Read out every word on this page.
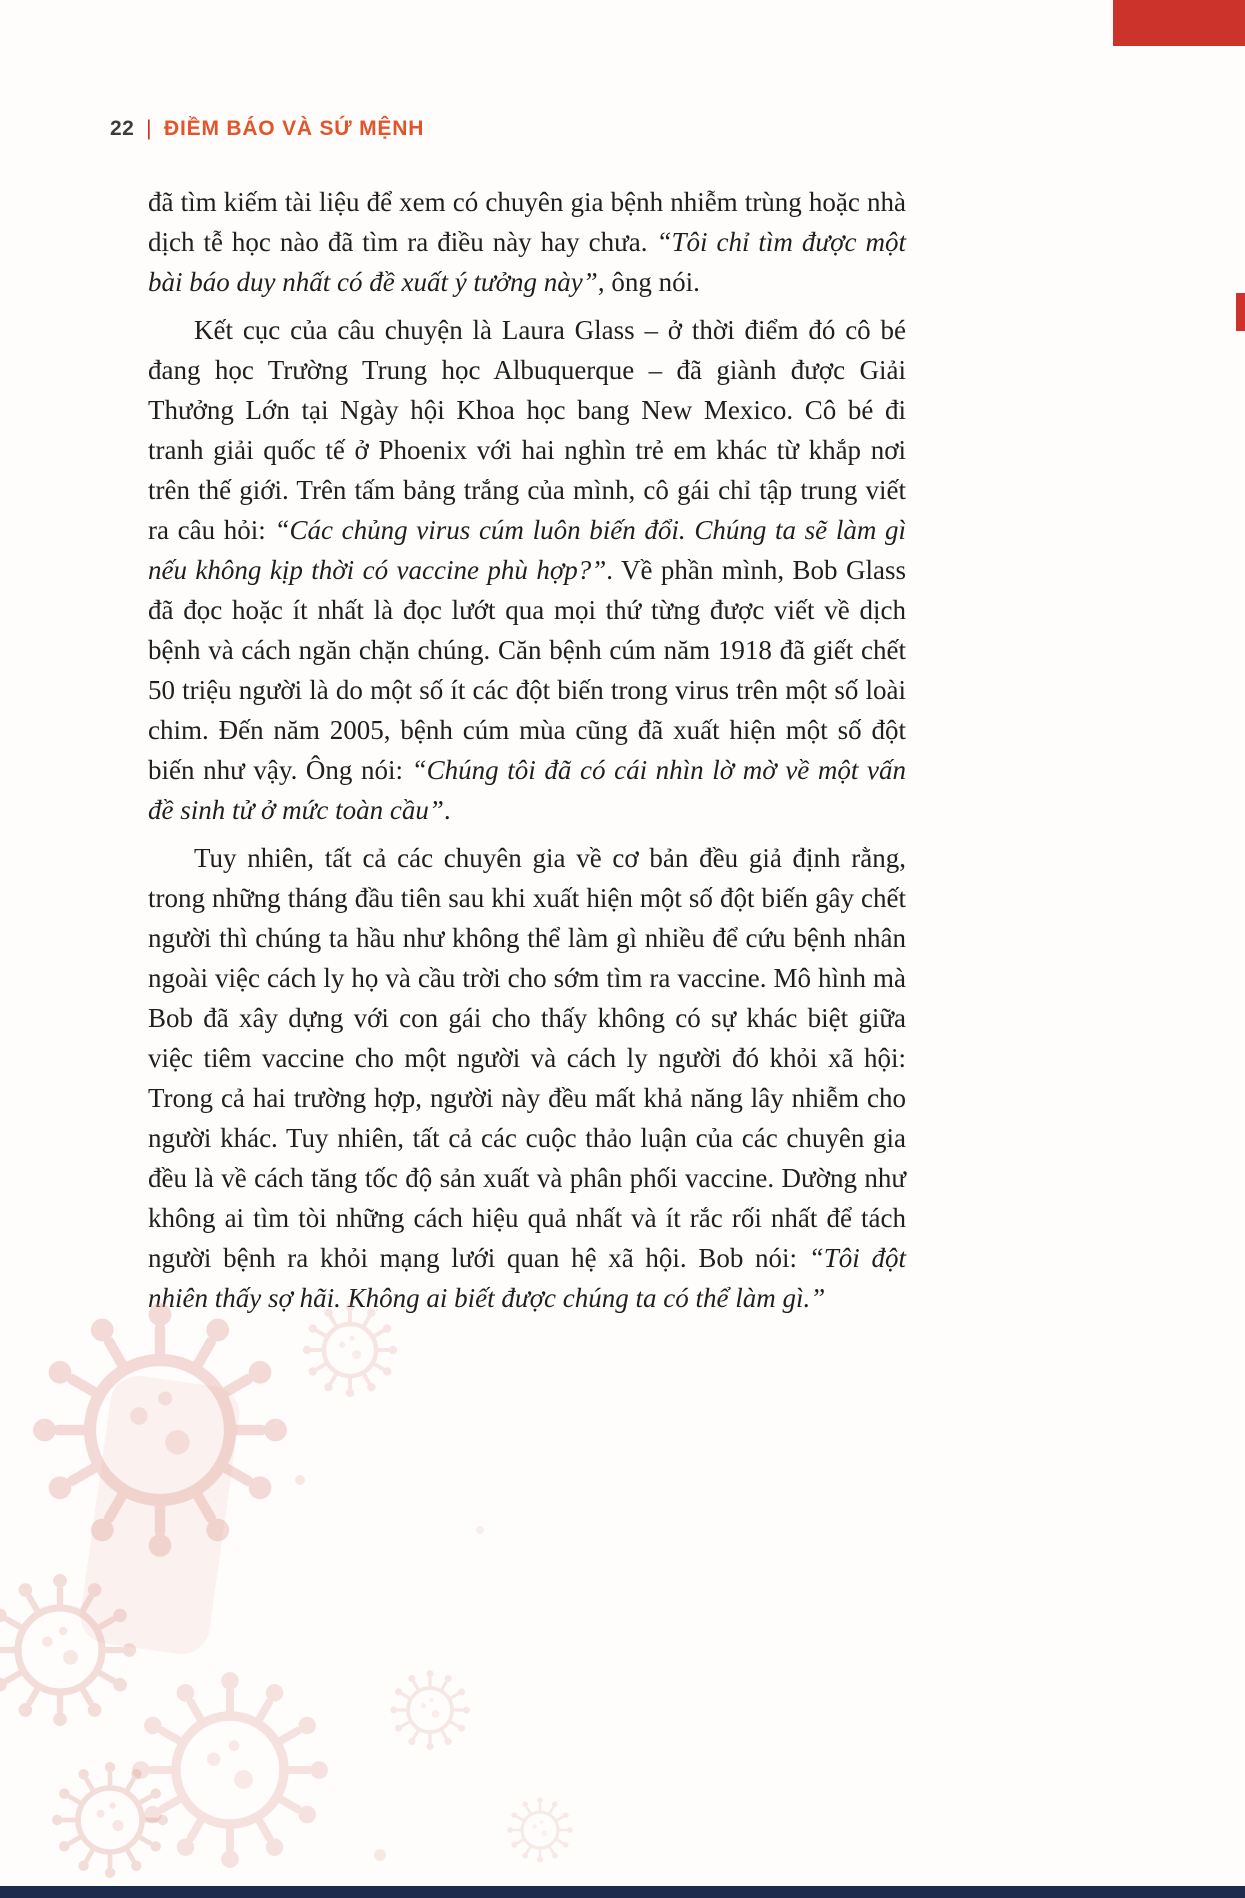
22 | ĐIỀM BÁO VÀ SỨ MỆNH

đã tìm kiếm tài liệu để xem có chuyên gia bệnh nhiễm trùng hoặc nhà dịch tễ học nào đã tìm ra điều này hay chưa. “Tôi chỉ tìm được một bài báo duy nhất có đề xuất ý tưởng này”, ông nói.

Kết cục của câu chuyện là Laura Glass – ở thời điểm đó cô bé đang học Trường Trung học Albuquerque – đã giành được Giải Thưởng Lớn tại Ngày hội Khoa học bang New Mexico. Cô bé đi tranh giải quốc tế ở Phoenix với hai nghìn trẻ em khác từ khắp nơi trên thế giới. Trên tấm bảng trắng của mình, cô gái chỉ tập trung viết ra câu hỏi: “Các chủng virus cúm luôn biến đổi. Chúng ta sẽ làm gì nếu không kịp thời có vaccine phù hợp?”. Về phần mình, Bob Glass đã đọc hoặc ít nhất là đọc lướt qua mọi thứ từng được viết về dịch bệnh và cách ngăn chặn chúng. Căn bệnh cúm năm 1918 đã giết chết 50 triệu người là do một số ít các đột biến trong virus trên một số loài chim. Đến năm 2005, bệnh cúm mùa cũng đã xuất hiện một số đột biến như vậy. Ông nói: “Chúng tôi đã có cái nhìn lờ mờ về một vấn đề sinh tử ở mức toàn cầu”.

Tuy nhiên, tất cả các chuyên gia về cơ bản đều giả định rằng, trong những tháng đầu tiên sau khi xuất hiện một số đột biến gây chết người thì chúng ta hầu như không thể làm gì nhiều để cứu bệnh nhân ngoài việc cách ly họ và cầu trời cho sớm tìm ra vaccine. Mô hình mà Bob đã xây dựng với con gái cho thấy không có sự khác biệt giữa việc tiêm vaccine cho một người và cách ly người đó khỏi xã hội: Trong cả hai trường hợp, người này đều mất khả năng lây nhiễm cho người khác. Tuy nhiên, tất cả các cuộc thảo luận của các chuyên gia đều là về cách tăng tốc độ sản xuất và phân phối vaccine. Dường như không ai tìm tòi những cách hiệu quả nhất và ít rắc rối nhất để tách người bệnh ra khỏi mạng lưới quan hệ xã hội. Bob nói: “Tôi đột nhiên thấy sợ hãi. Không ai biết được chúng ta có thể làm gì.”
